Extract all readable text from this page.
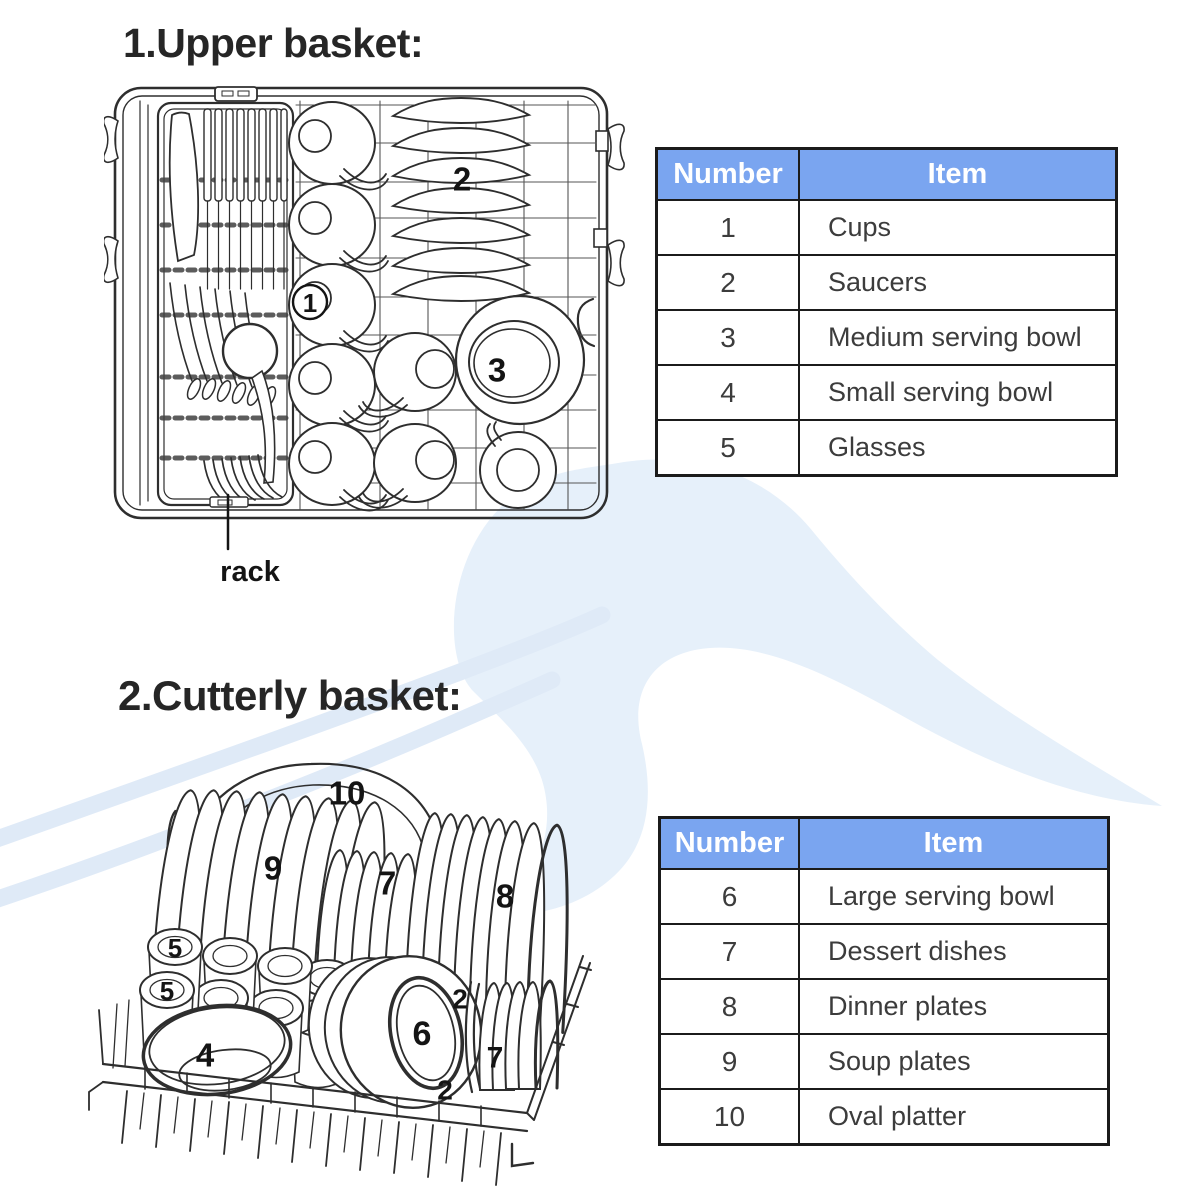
1.Upper basket:
1
2
3
rack
Number	Item
1	Cups
2	Saucers
3	Medium serving bowl
4	Small serving bowl
5	Glasses
2.Cutterly basket:
10
9	7	8
5
5	2
6
4
2
7
Number	Item
6	Large serving bowl
7	Dessert dishes
8	Dinner plates
9	Soup plates
10	Oval platter
